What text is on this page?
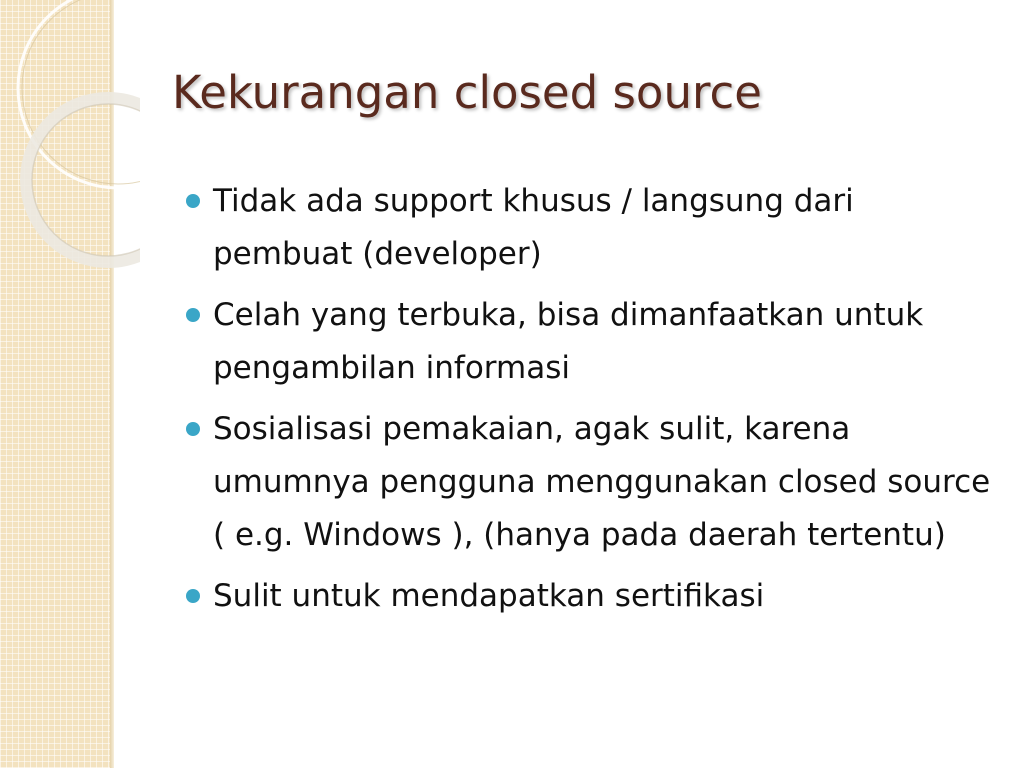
Kekurangan closed source
Tidak ada support khusus / langsung dari pembuat (developer)
Celah yang terbuka, bisa dimanfaatkan untuk pengambilan informasi
Sosialisasi pemakaian, agak sulit, karena umumnya pengguna menggunakan closed source ( e.g. Windows ), (hanya pada daerah tertentu)
Sulit untuk mendapatkan sertifikasi
